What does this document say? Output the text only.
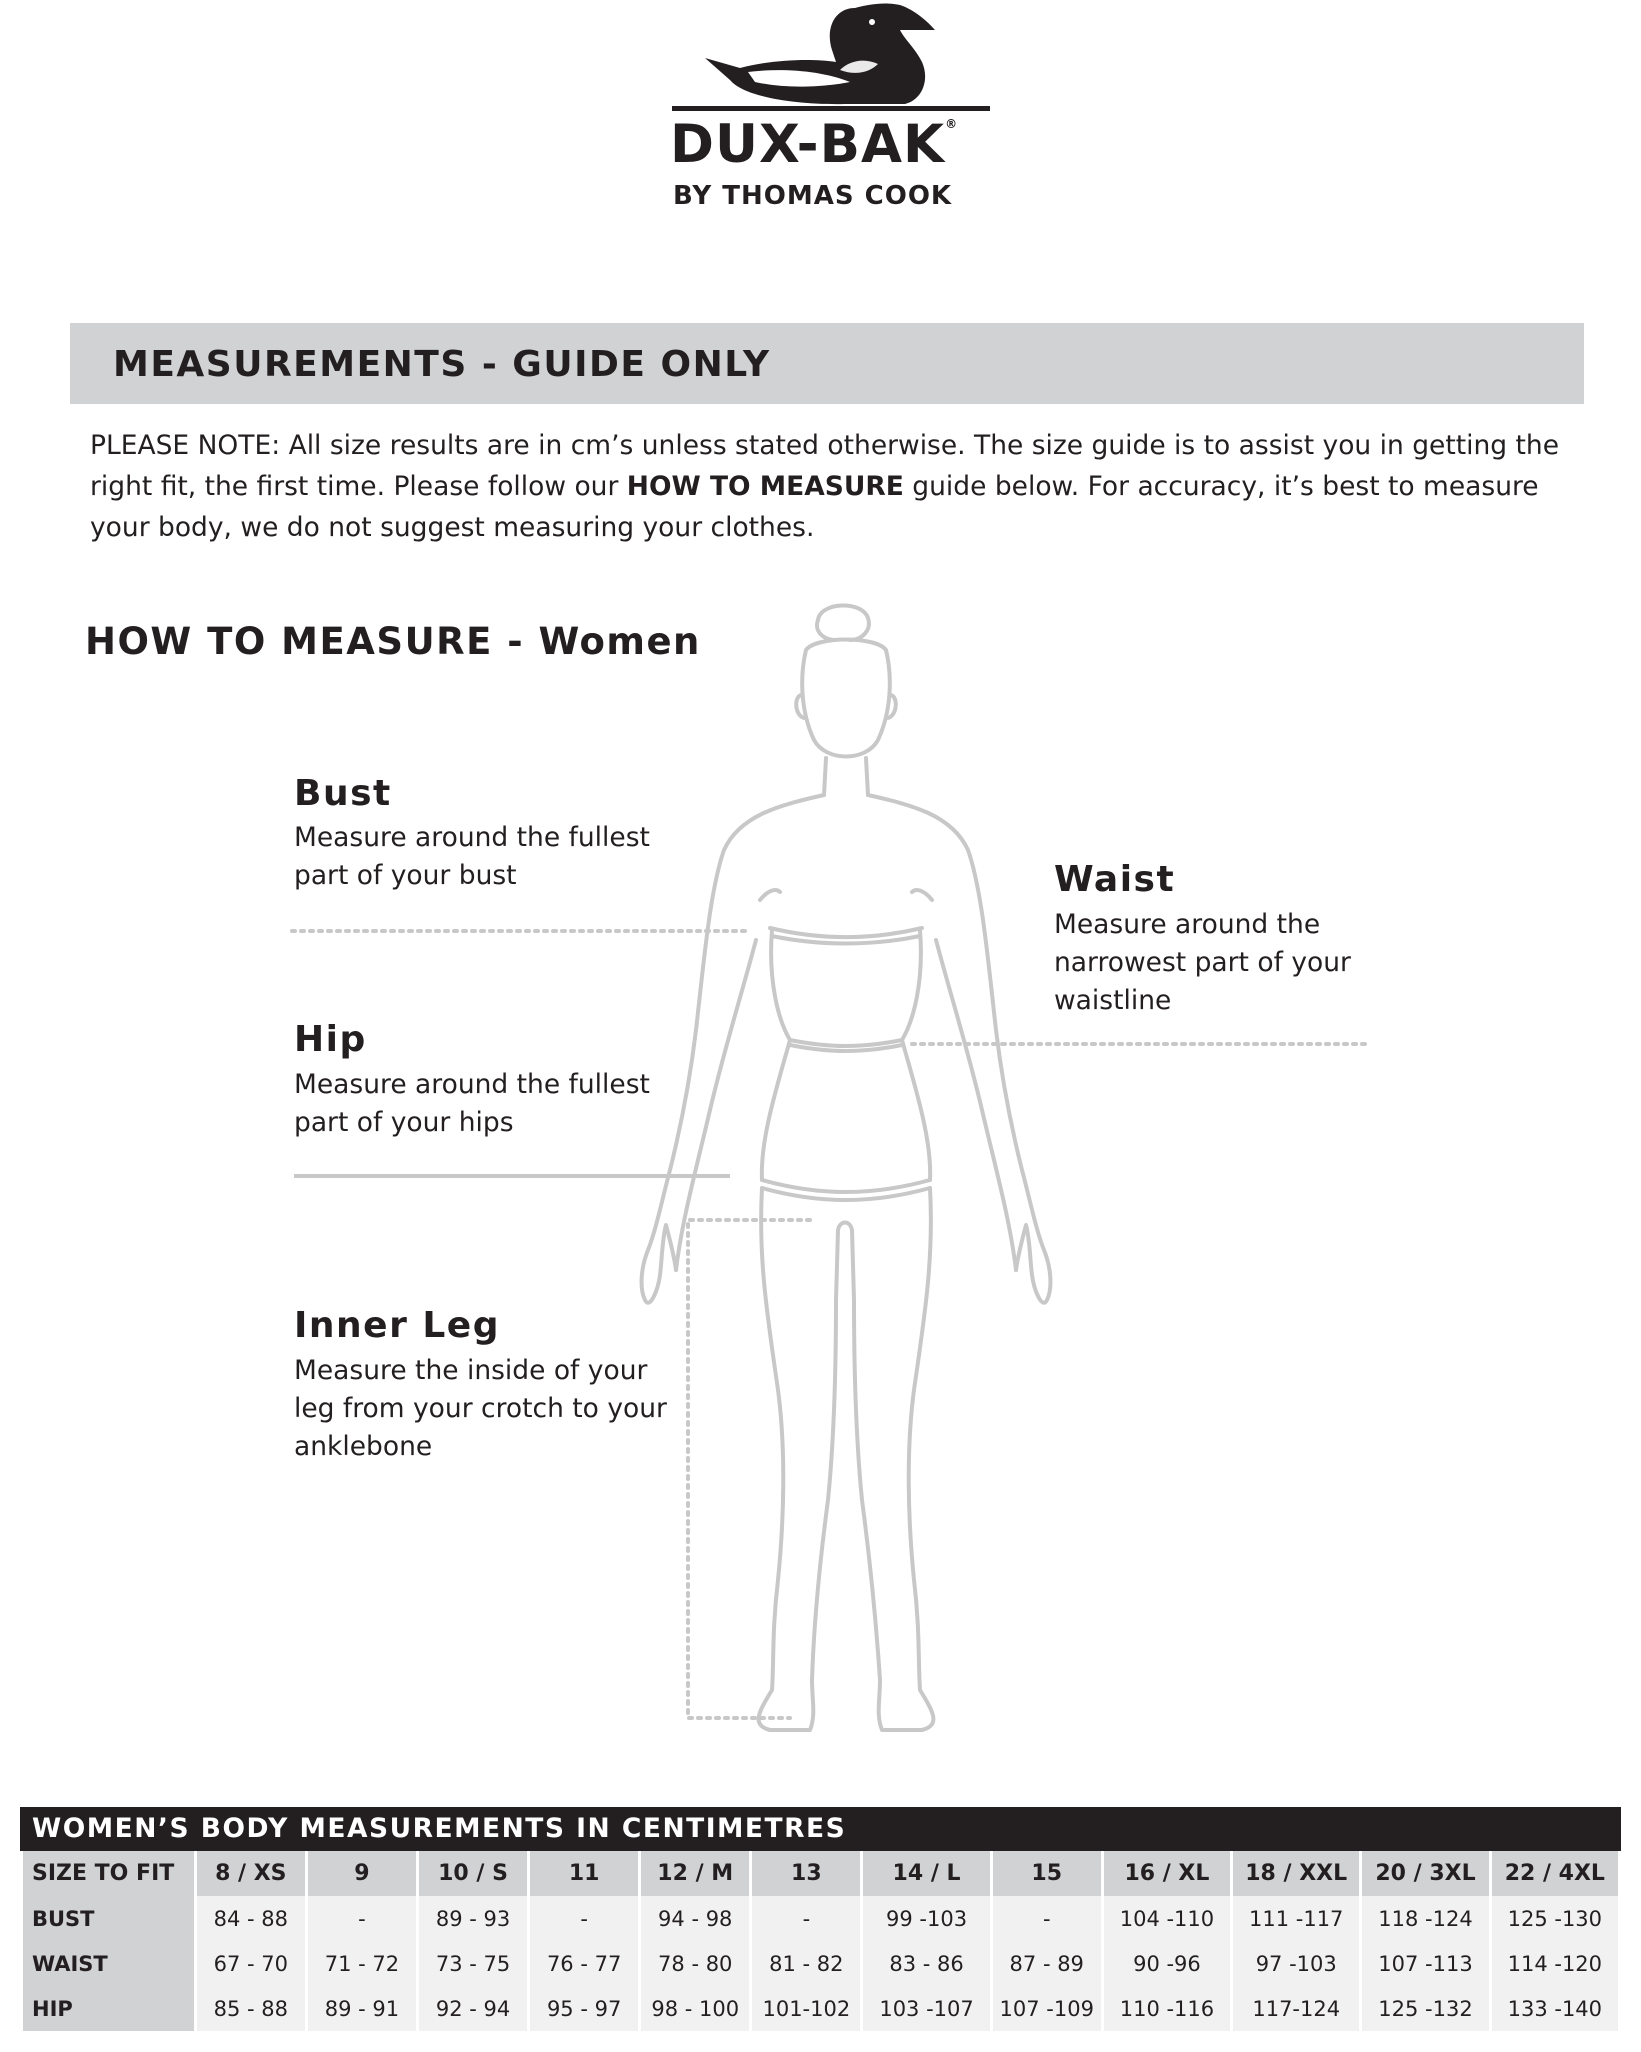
DUX-BAK®
BY THOMAS COOK
MEASUREMENTS - GUIDE ONLY
PLEASE NOTE: All size results are in cm’s unless stated otherwise. The size guide is to assist you in getting the right fit, the first time. Please follow our HOW TO MEASURE guide below. For accuracy, it’s best to measure your body, we do not suggest measuring your clothes.
HOW TO MEASURE - Women
Bust
Measure around the fullest part of your bust	Waist
Measure around the narrowest part of your waistline
Hip
Measure around the fullest part of your hips
Inner Leg
Measure the inside of your leg from your crotch to your anklebone
WOMEN’S BODY MEASUREMENTS IN CENTIMETRES
SIZE TO FIT	8 / XS	9	10 / S	11	12 / M	13	14 / L	15	16 / XL	18 / XXL	20 / 3XL	22 / 4XL
BUST	84 - 88	-	89 - 93	-	94 - 98	-	99 -103	-	104 -110	111 -117	118 -124	125 -130
WAIST	67 - 70	71 - 72	73 - 75	76 - 77	78 - 80	81 - 82	83 - 86	87 - 89	90 -96	97 -103	107 -113	114 -120
HIP	85 - 88	89 - 91	92 - 94	95 - 97	98 - 100	101-102	103 -107	107 -109	110 -116	117-124	125 -132	133 -140
